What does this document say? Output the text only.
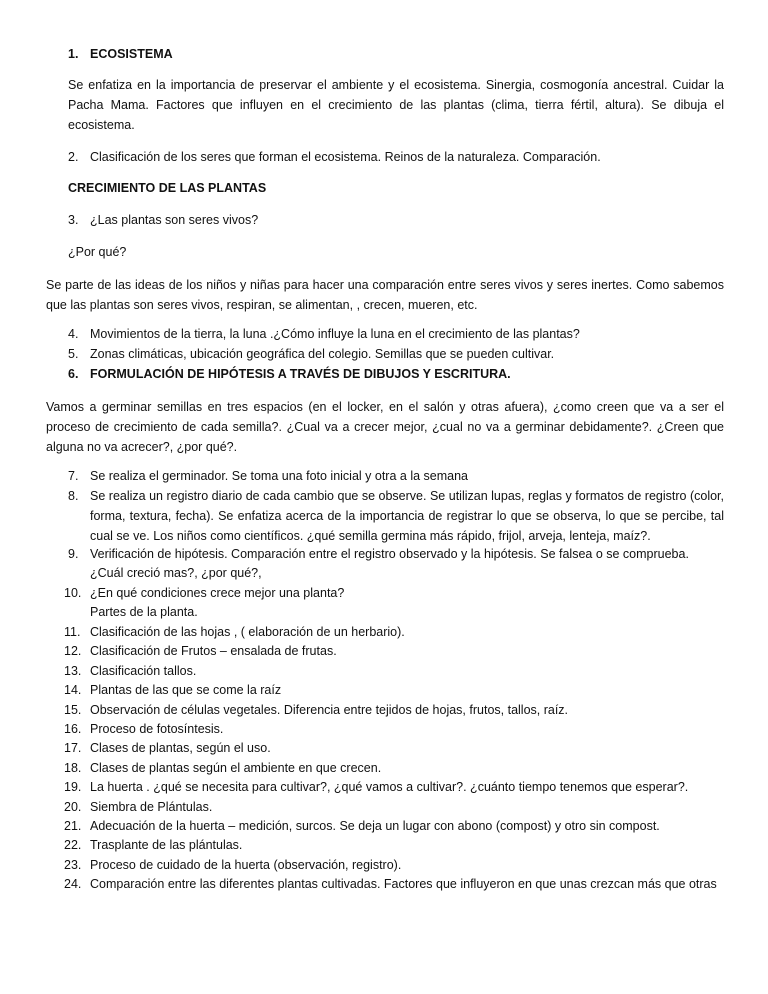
1. ECOSISTEMA
Se enfatiza en la importancia de preservar el ambiente y el ecosistema. Sinergia, cosmogonía ancestral. Cuidar la Pacha Mama. Factores que influyen en el crecimiento de las plantas (clima, tierra fértil, altura). Se dibuja el ecosistema.
2. Clasificación de los seres que forman el ecosistema. Reinos de la naturaleza. Comparación.
CRECIMIENTO DE LAS PLANTAS
3. ¿Las plantas son seres vivos?
¿Por qué?
Se parte de las ideas de los niños y niñas para hacer una comparación entre seres vivos y seres inertes. Como sabemos que las plantas son seres vivos, respiran, se alimentan, , crecen, mueren, etc.
4. Movimientos de la tierra, la luna .¿Cómo influye la luna en el crecimiento de las plantas?
5. Zonas climáticas, ubicación geográfica del colegio. Semillas que se pueden cultivar.
6. FORMULACIÓN DE HIPÓTESIS A TRAVÉS DE DIBUJOS Y ESCRITURA.
Vamos a germinar semillas en tres espacios (en el locker, en el salón y otras afuera), ¿como creen que va a ser el proceso de crecimiento de cada semilla?. ¿Cual va a crecer mejor, ¿cual no va a germinar debidamente?. ¿Creen que alguna no va acrecer?, ¿por qué?.
7. Se realiza el germinador. Se toma una foto inicial y otra a la semana
8. Se realiza un registro diario de cada cambio que se observe. Se utilizan lupas, reglas y formatos de registro (color, forma, textura, fecha). Se enfatiza acerca de la importancia de registrar lo que se observa, lo que se percibe, tal cual se ve. Los niños como científicos. ¿qué semilla germina más rápido, frijol, arveja, lenteja, maíz?.
9. Verificación de hipótesis. Comparación entre el registro observado y la hipótesis. Se falsea o se comprueba.
¿Cuál creció mas?, ¿por qué?,
10. ¿En qué condiciones crece mejor una planta?
Partes de la planta.
11. Clasificación de las hojas , ( elaboración de un herbario).
12. Clasificación de Frutos – ensalada de frutas.
13. Clasificación tallos.
14. Plantas de las que se come la raíz
15. Observación de células vegetales. Diferencia entre tejidos de hojas, frutos, tallos, raíz.
16. Proceso de fotosíntesis.
17. Clases de plantas, según el uso.
18. Clases de plantas según el ambiente en que crecen.
19. La huerta . ¿qué se necesita para cultivar?, ¿qué vamos a cultivar?. ¿cuánto tiempo tenemos que esperar?.
20. Siembra de Plántulas.
21. Adecuación de la huerta – medición, surcos. Se deja un lugar con abono (compost) y otro sin compost.
22. Trasplante de las plántulas.
23. Proceso de cuidado de la huerta (observación, registro).
24. Comparación entre las diferentes plantas cultivadas. Factores que influyeron en que unas crezcan más que otras
